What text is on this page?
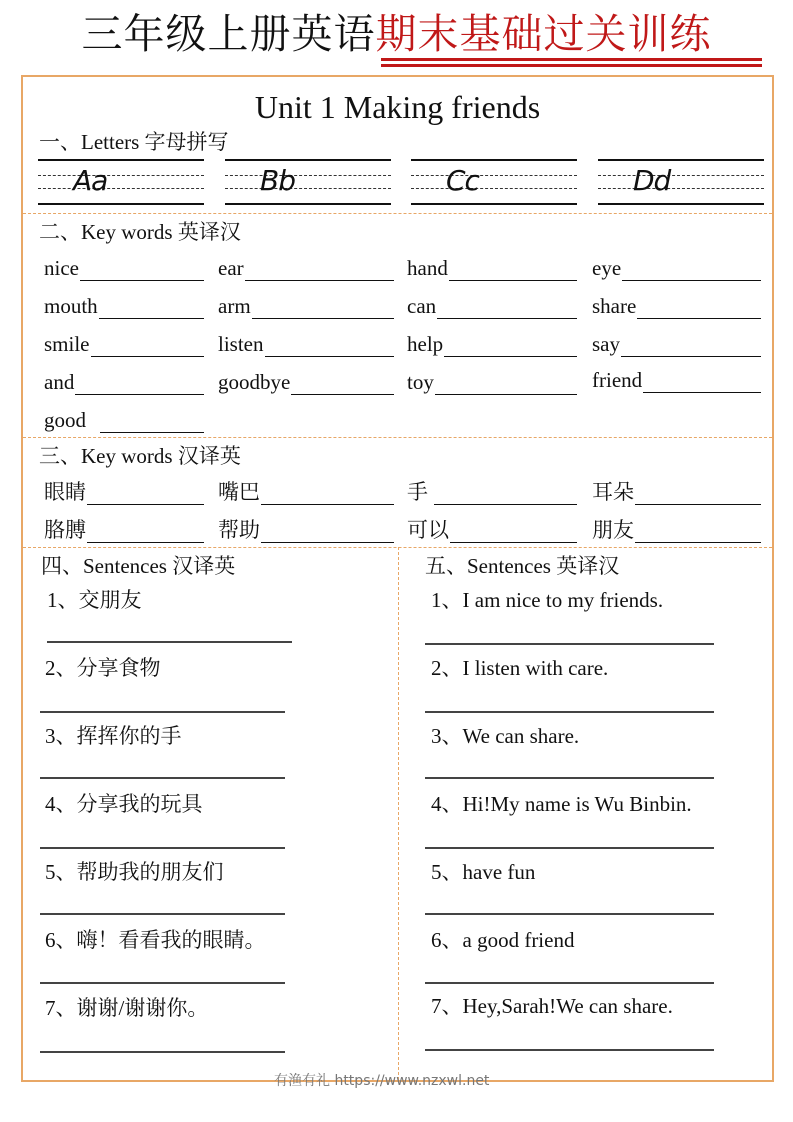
三年级上册英语期末基础过关训练
Unit 1 Making friends
一、Letters 字母拼写
Aa	Bb	Cc	Dd
二、Key words 英译汉
nice	ear	hand	eye
mouth	arm	can	share
smile	listen	help	say
and	goodbye	toy	friend
good
三、Key words 汉译英
眼睛	嘴巴	手	耳朵
胳膊	帮助	可以	朋友
四、Sentences 汉译英
1、交朋友
2、分享食物
3、挥挥你的手
4、分享我的玩具
5、帮助我的朋友们
6、嗨！看看我的眼睛。
7、谢谢/谢谢你。
五、Sentences 英译汉
1、I am nice to my friends.
2、I listen with care.
3、We can share.
4、Hi!My name is Wu Binbin.
5、have fun
6、a good friend
7、Hey,Sarah!We can share.
有渔有礼 https://www.nzxwl.net
